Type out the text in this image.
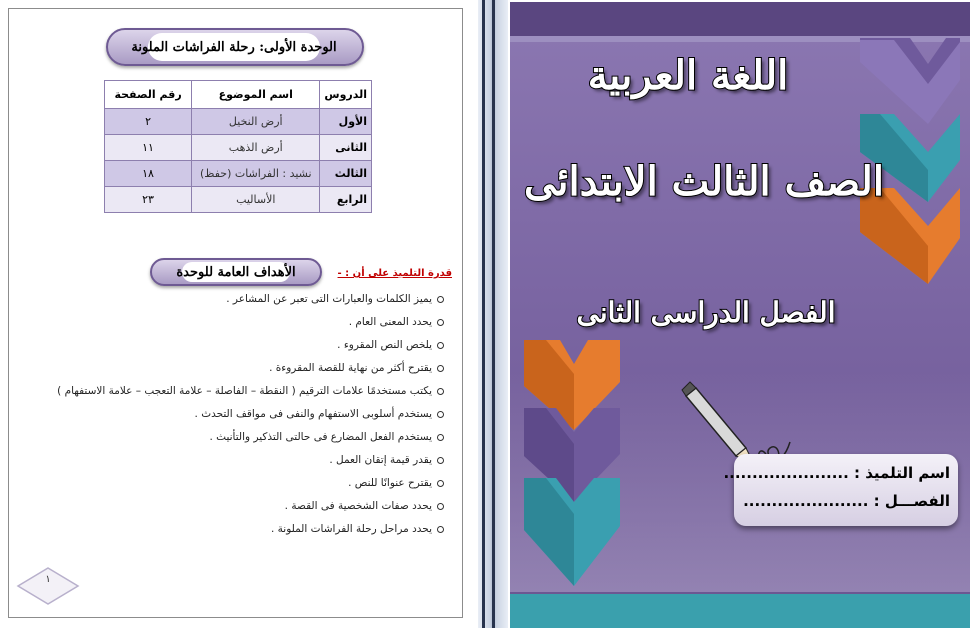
الوحدة الأولى: رحلة الفراشات الملونة
الدروس	اسم الموضوع	رقم الصفحة
الأول	أرض النخيل	٢
الثانى	أرض الذهب	١١
الثالث	نشيد : الفراشات (حفظ)	١٨
الرابع	الأساليب	٢٣
الأهداف العامة للوحدة	قدرة التلميذ على أن : -
يميز الكلمات والعبارات التى تعبر عن المشاعر .
يحدد المعنى العام .
يلخص النص المقروء .
يقترح أكثر من نهاية للقصة المقروءة .
يكتب مستخدمًا علامات الترقيم ( النقطة – الفاصلة – علامة التعجب – علامة الاستفهام )
يستخدم أسلوبى الاستفهام والنفى فى مواقف التحدث .
يستخدم الفعل المضارع فى حالتى التذكير والتأنيث .
يقدر قيمة إتقان العمل .
يقترح عنوانًا للنص .
يحدد صفات الشخصية فى القصة .
يحدد مراحل رحلة الفراشات الملونة .
١
اللغة العربية
الصف الثالث الابتدائى
الفصل الدراسى الثانى
اسم التلميذ : ......................
الفصـــل : ......................
